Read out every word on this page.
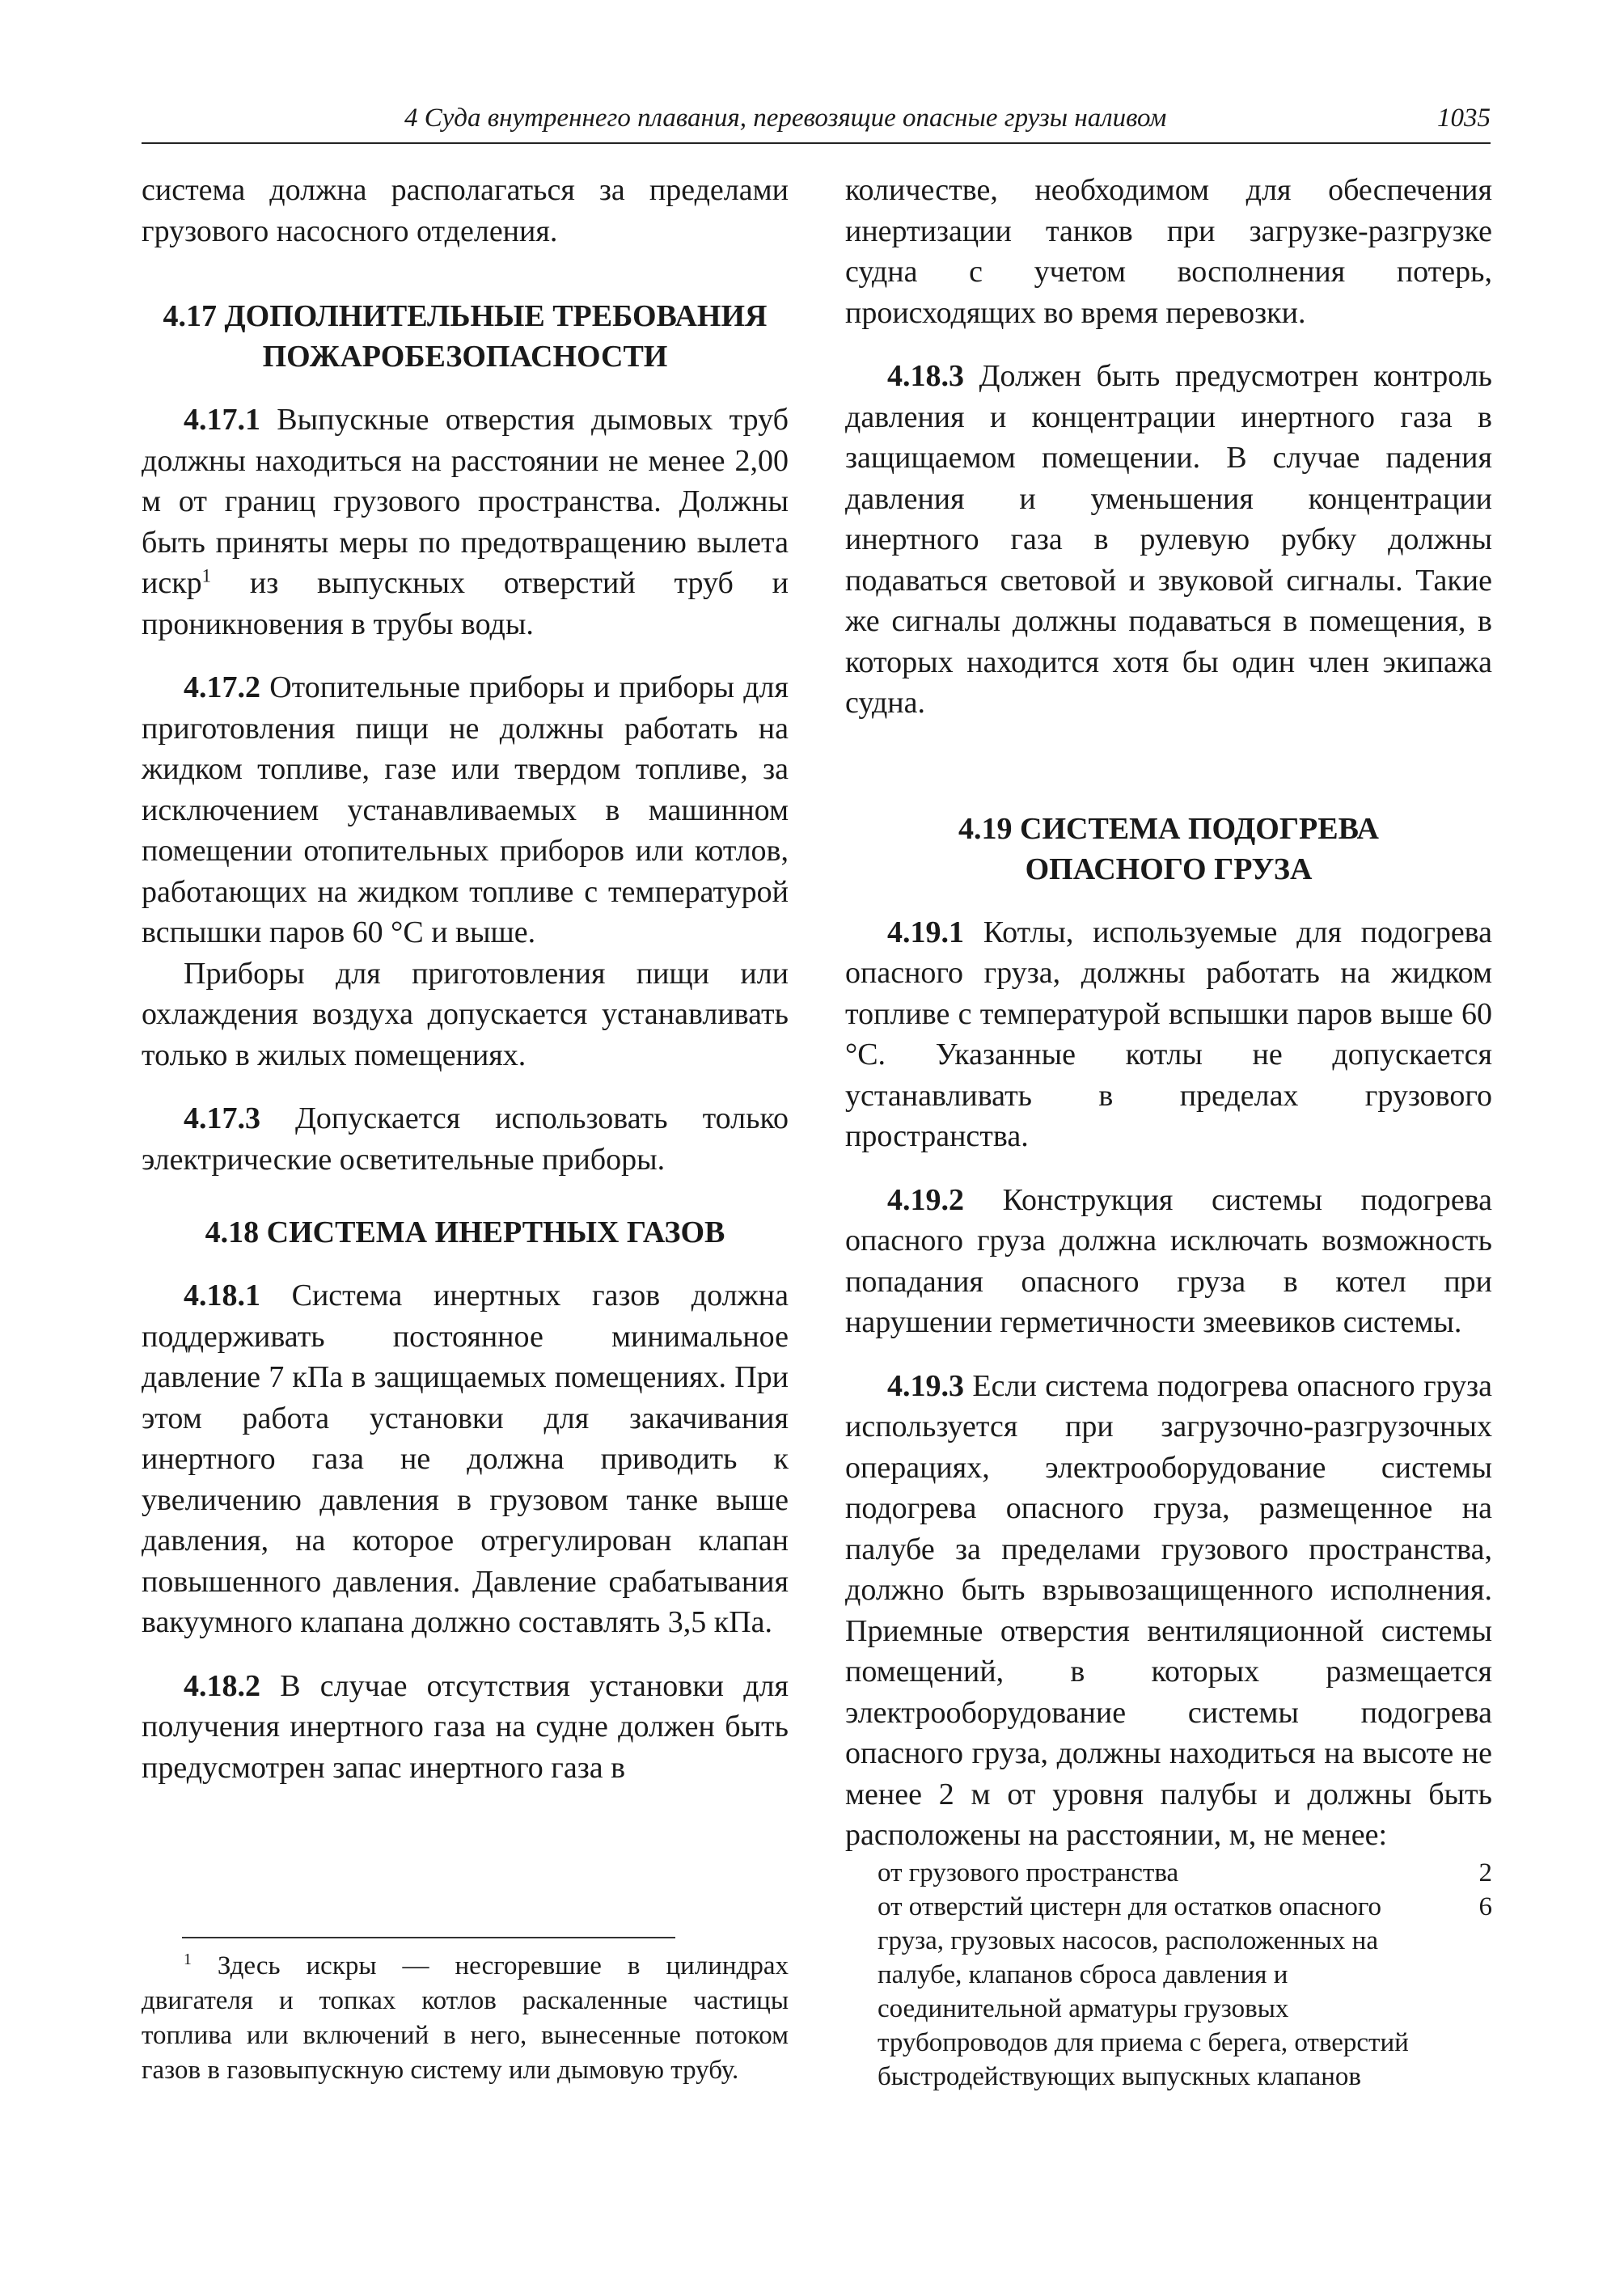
4 Суда внутреннего плавания, перевозящие опасные грузы наливом	1035

система должна располагаться за пределами грузового насосного отделения.

4.17 ДОПОЛНИТЕЛЬНЫЕ ТРЕБОВАНИЯ
ПОЖАРОБЕЗОПАСНОСТИ

4.17.1 Выпускные отверстия дымовых труб должны находиться на расстоянии не менее 2,00 м от границ грузового пространства. Должны быть приняты меры по предотвращению вылета искр$^1$ из выпускных отверстий труб и проникновения в трубы воды.

4.17.2 Отопительные приборы и приборы для приготовления пищи не должны работать на жидком топливе, газе или твердом топливе, за исключением устанавливаемых в машинном помещении отопительных приборов или котлов, работающих на жидком топливе с температурой вспышки паров 60 °С и выше.

Приборы для приготовления пищи или охлаждения воздуха допускается устанавливать только в жилых помещениях.

4.17.3 Допускается использовать только электрические осветительные приборы.

4.18 СИСТЕМА ИНЕРТНЫХ ГАЗОВ

4.18.1 Система инертных газов должна поддерживать постоянное минимальное давление 7 кПа в защищаемых помещениях. При этом работа установки для закачивания инертного газа не должна приводить к увеличению давления в грузовом танке выше давления, на которое отрегулирован клапан повышенного давления. Давление срабатывания вакуумного клапана должно составлять 3,5 кПа.

4.18.2 В случае отсутствия установки для получения инертного газа на судне должен быть предусмотрен запас инертного газа в

$^1$ Здесь искры — несгоревшие в цилиндрах двигателя и топках котлов раскаленные частицы топлива или включений в него, вынесенные потоком газов в газовыпускную систему или дымовую трубу.

количестве, необходимом для обеспечения инертизации танков при загрузке-разгрузке судна с учетом восполнения потерь, происходящих во время перевозки.

4.18.3 Должен быть предусмотрен контроль давления и концентрации инертного газа в защищаемом помещении. В случае падения давления и уменьшения концентрации инертного газа в рулевую рубку должны подаваться световой и звуковой сигналы. Такие же сигналы должны подаваться в помещения, в которых находится хотя бы один член экипажа судна.

4.19 СИСТЕМА ПОДОГРЕВА
ОПАСНОГО ГРУЗА

4.19.1 Котлы, используемые для подогрева опасного груза, должны работать на жидком топливе с температурой вспышки паров выше 60 °С. Указанные котлы не допускается устанавливать в пределах грузового пространства.

4.19.2 Конструкция системы подогрева опасного груза должна исключать возможность попадания опасного груза в котел при нарушении герметичности змеевиков системы.

4.19.3 Если система подогрева опасного груза используется при загрузочно-разгрузочных операциях, электрооборудование системы подогрева опасного груза, размещенное на палубе за пределами грузового пространства, должно быть взрывозащищенного исполнения. Приемные отверстия вентиляционной системы помещений, в которых размещается электрооборудование системы подогрева опасного груза, должны находиться на высоте не менее 2 м от уровня палубы и должны быть расположены на расстоянии, м, не менее:

от грузового пространства	2
от отверстий цистерн для остатков опасного груза, грузовых насосов, расположенных на палубе, клапанов сброса давления и соединительной арматуры грузовых трубопроводов для приема с берега, отверстий быстродействующих выпускных клапанов
6
